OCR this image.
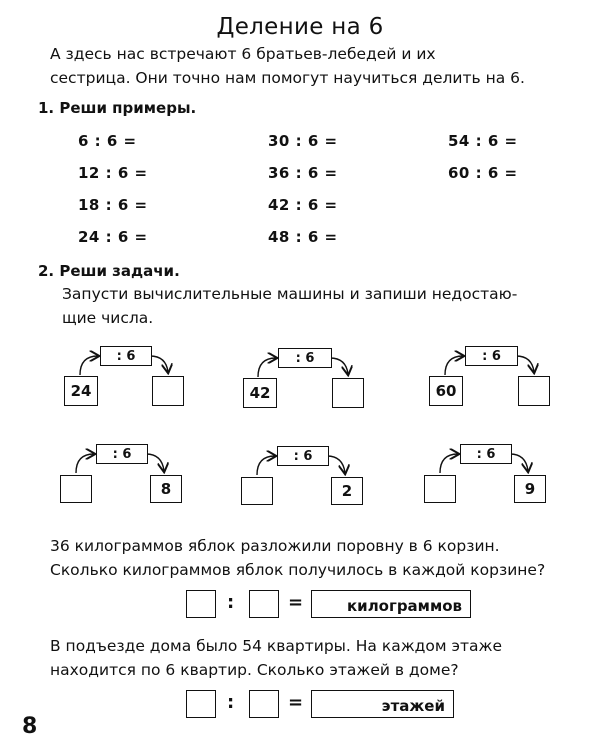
Деление на 6
А здесь нас встречают 6 братьев-лебедей и их
сестрица. Они точно нам помогут научиться делить на 6.
1. Реши примеры.
6 : 6 =
12 : 6 =
18 : 6 =
24 : 6 =
30 : 6 =
36 : 6 =
42 : 6 =
48 : 6 =
54 : 6 =
60 : 6 =
2. Реши задачи.
Запусти вычислительные машины и запиши недостаю-
щие числа.
: 6
24
: 6
42
: 6
60
: 6
8
: 6
2
: 6
9
36 килограммов яблок разложили поровну в 6 корзин.
Сколько килограммов яблок получилось в каждой корзине?
:	=	килограммов
В подъезде дома было 54 квартиры. На каждом этаже
находится по 6 квартир. Сколько этажей в доме?
:	=	этажей
8
